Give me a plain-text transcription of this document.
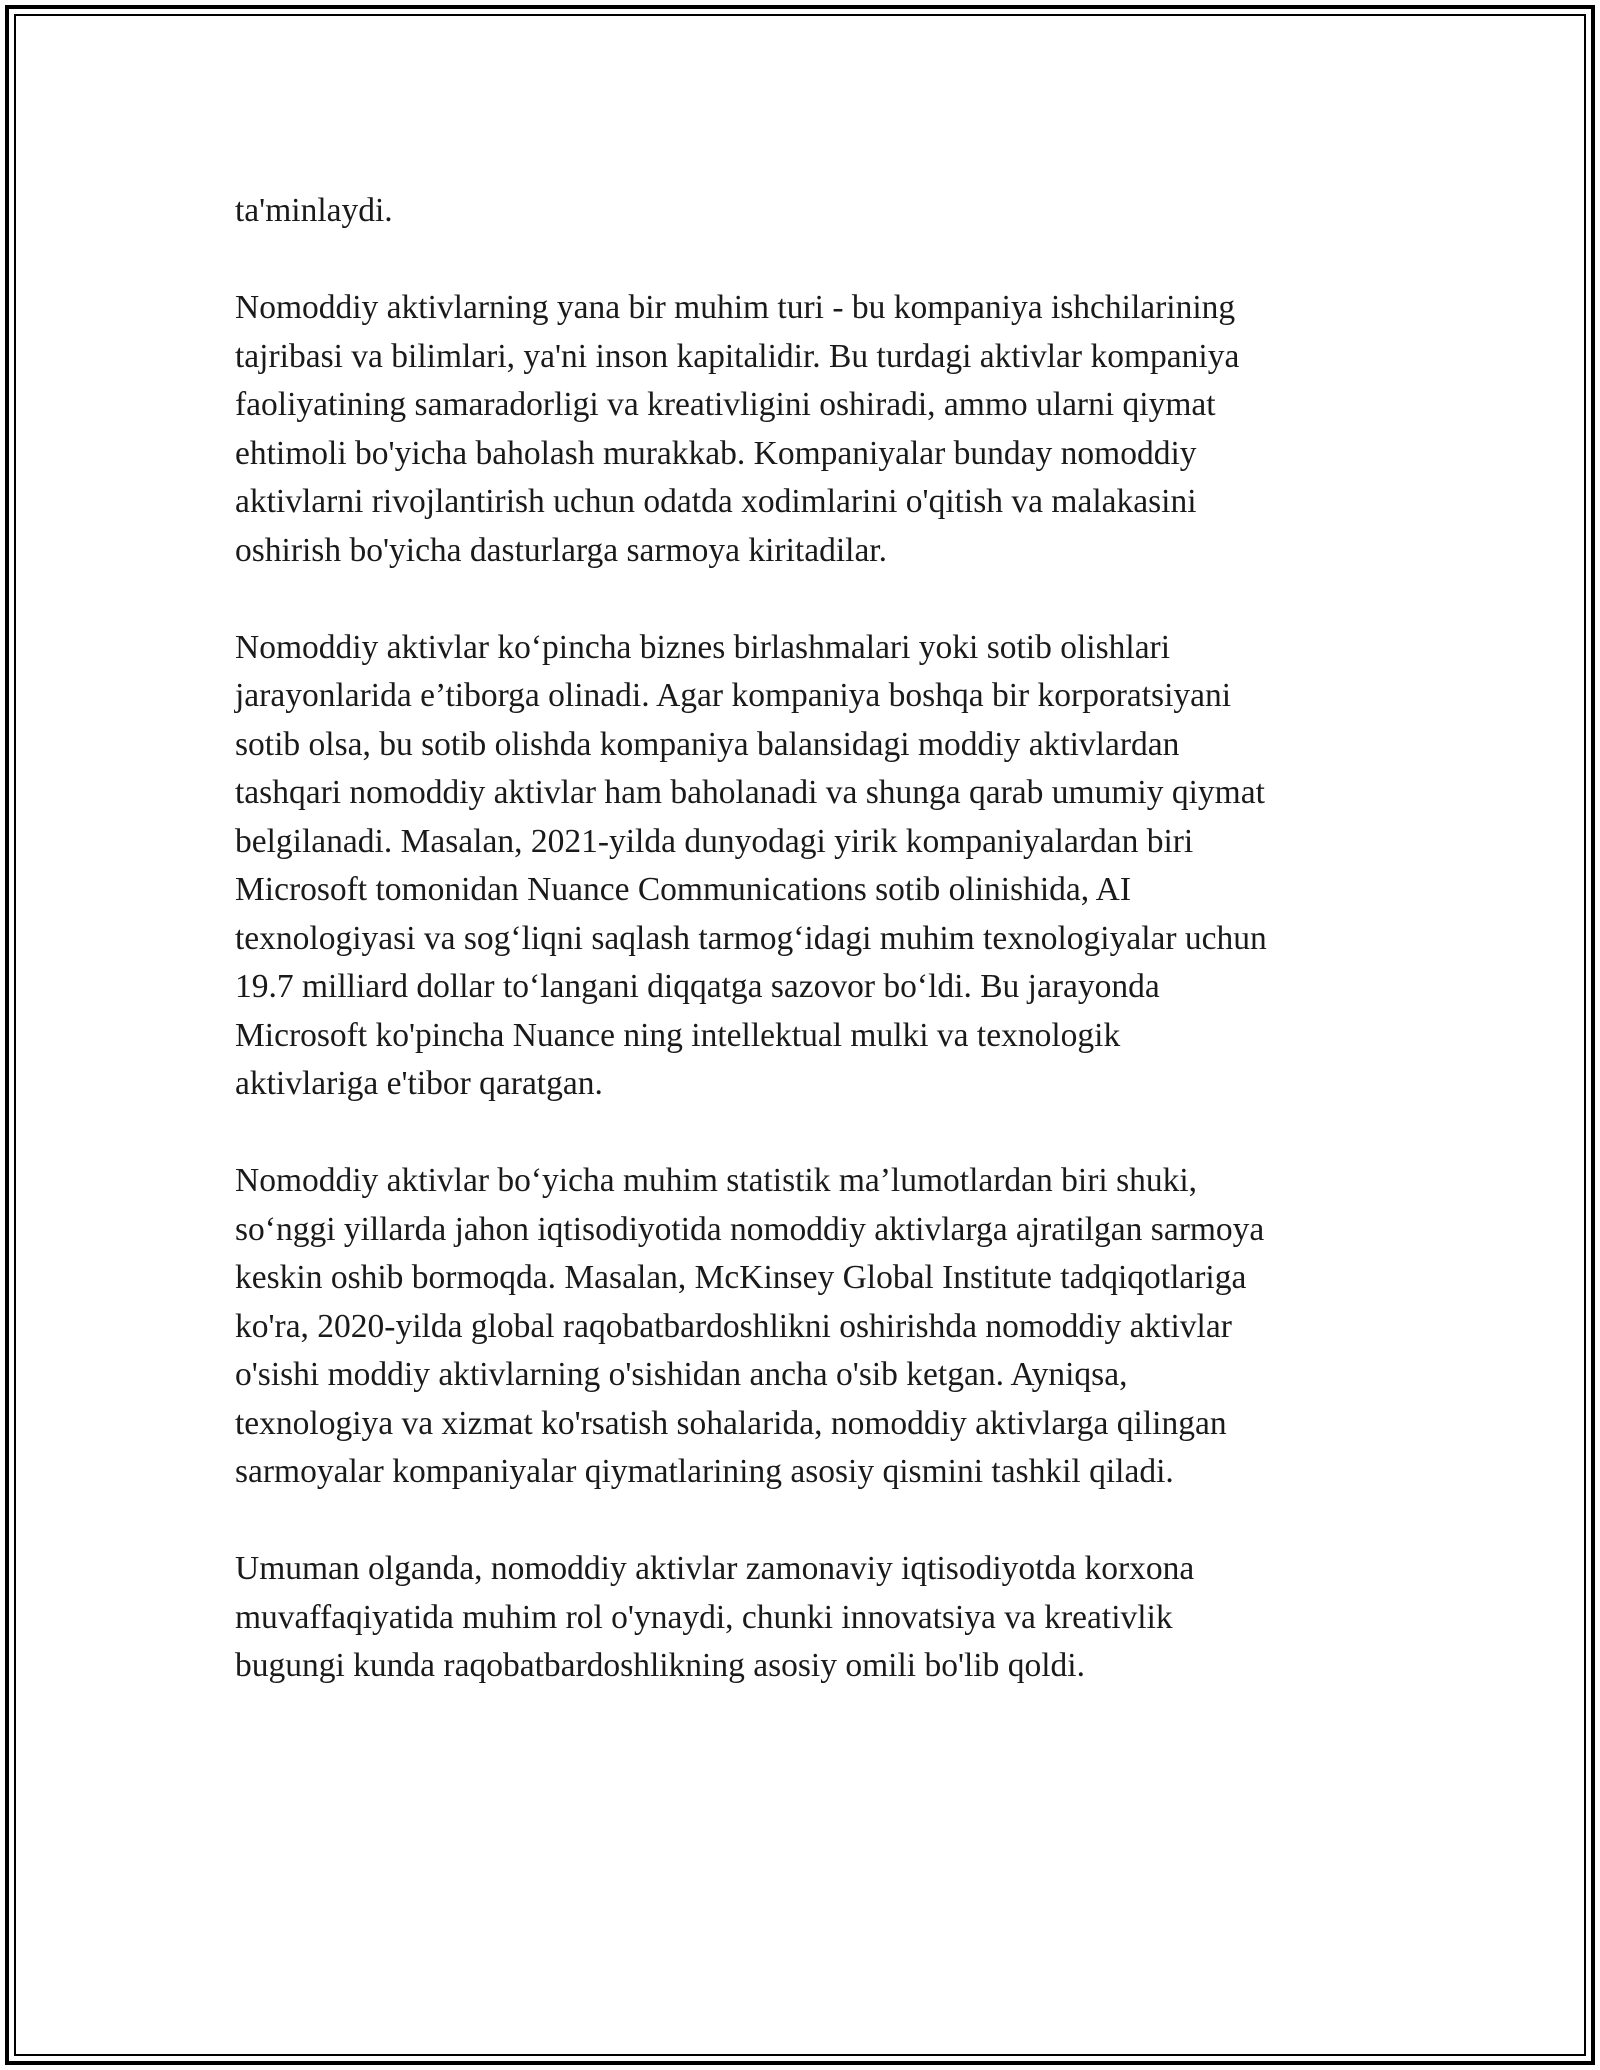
ta'minlaydi.

Nomoddiy aktivlarning yana bir muhim turi - bu kompaniya ishchilarining
tajribasi va bilimlari, ya'ni inson kapitalidir. Bu turdagi aktivlar kompaniya
faoliyatining samaradorligi va kreativligini oshiradi, ammo ularni qiymat
ehtimoli bo'yicha baholash murakkab. Kompaniyalar bunday nomoddiy
aktivlarni rivojlantirish uchun odatda xodimlarini o'qitish va malakasini
oshirish bo'yicha dasturlarga sarmoya kiritadilar.

Nomoddiy aktivlar ko‘pincha biznes birlashmalari yoki sotib olishlari
jarayonlarida e’tiborga olinadi. Agar kompaniya boshqa bir korporatsiyani
sotib olsa, bu sotib olishda kompaniya balansidagi moddiy aktivlardan
tashqari nomoddiy aktivlar ham baholanadi va shunga qarab umumiy qiymat
belgilanadi. Masalan, 2021-yilda dunyodagi yirik kompaniyalardan biri
Microsoft tomonidan Nuance Communications sotib olinishida, AI
texnologiyasi va sog‘liqni saqlash tarmog‘idagi muhim texnologiyalar uchun
19.7 milliard dollar to‘langani diqqatga sazovor bo‘ldi. Bu jarayonda
Microsoft ko'pincha Nuance ning intellektual mulki va texnologik
aktivlariga e'tibor qaratgan.

Nomoddiy aktivlar bo‘yicha muhim statistik ma’lumotlardan biri shuki,
so‘nggi yillarda jahon iqtisodiyotida nomoddiy aktivlarga ajratilgan sarmoya
keskin oshib bormoqda. Masalan, McKinsey Global Institute tadqiqotlariga
ko'ra, 2020-yilda global raqobatbardoshlikni oshirishda nomoddiy aktivlar
o'sishi moddiy aktivlarning o'sishidan ancha o'sib ketgan. Ayniqsa,
texnologiya va xizmat ko'rsatish sohalarida, nomoddiy aktivlarga qilingan
sarmoyalar kompaniyalar qiymatlarining asosiy qismini tashkil qiladi.

Umuman olganda, nomoddiy aktivlar zamonaviy iqtisodiyotda korxona
muvaffaqiyatida muhim rol o'ynaydi, chunki innovatsiya va kreativlik
bugungi kunda raqobatbardoshlikning asosiy omili bo'lib qoldi.
